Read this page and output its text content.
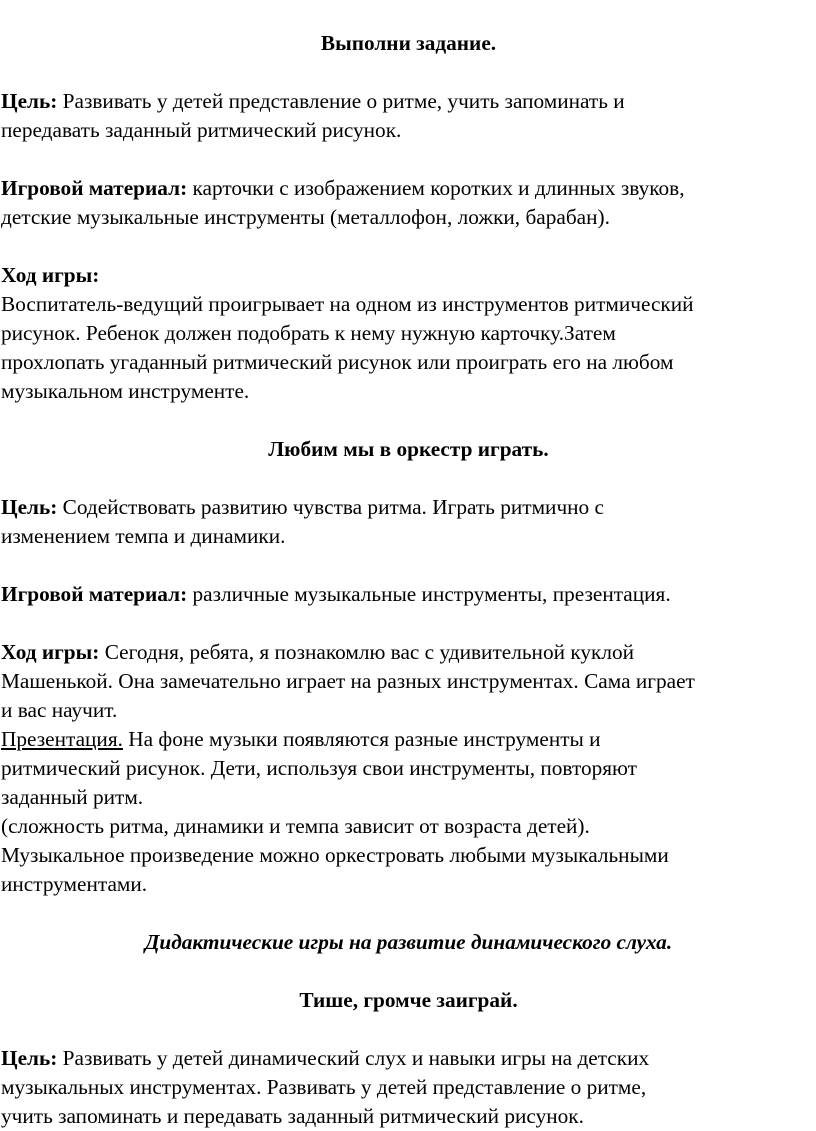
Выполни задание.

Цель: Развивать у детей представление о ритме, учить запоминать и

передавать заданный ритмический рисунок.

Игровой материал: карточки с изображением коротких и длинных звуков,

детские музыкальные инструменты (металлофон, ложки, барабан).

Ход игры:

Воспитатель-ведущий проигрывает на одном из инструментов ритмический

рисунок. Ребенок должен подобрать к нему нужную карточку.Затем

прохлопать угаданный ритмический рисунок или проиграть его на любом

музыкальном инструменте.

Любим мы в оркестр играть.

Цель: Содействовать развитию чувства ритма. Играть ритмично с

изменением темпа и динамики.

Игровой материал: различные музыкальные инструменты, презентация.

Ход игры: Сегодня, ребята, я познакомлю вас с удивительной куклой

Машенькой. Она замечательно играет на разных инструментах. Сама играет

и вас научит.

Презентация. На фоне музыки появляются разные инструменты и

ритмический рисунок. Дети, используя свои инструменты, повторяют

заданный ритм.

(сложность ритма, динамики и темпа зависит от возраста детей).

Музыкальное произведение можно оркестровать любыми музыкальными

инструментами.

Дидактические игры на развитие динамического слуха.

Тише, громче заиграй.

Цель: Развивать у детей динамический слух и навыки игры на детских

музыкальных инструментах. Развивать у детей представление о ритме,

учить запоминать и передавать заданный ритмический рисунок.
